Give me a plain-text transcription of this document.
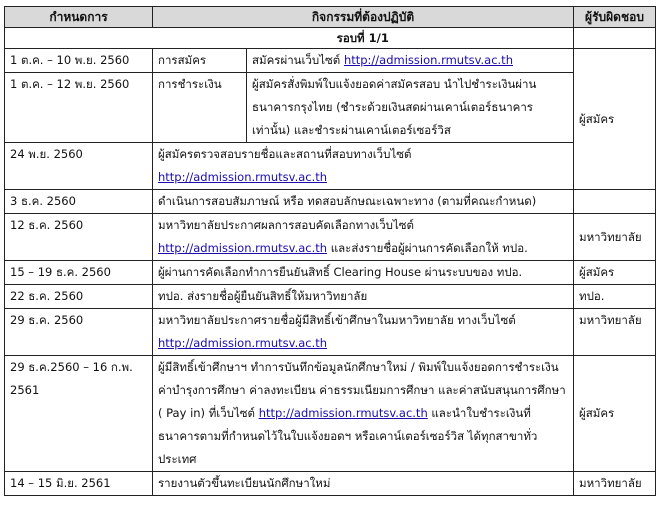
กำหนดการ	กิจกรรมที่ต้องปฏิบัติ		ผู้รับผิดชอบ
	รอบที่ 1/1		
1 ต.ค. – 10 พ.ย. 2560	การสมัคร	สมัครผ่านเว็บไซต์ http://admission.rmutsv.ac.th	ผู้สมัคร
1 ต.ค. – 12 พ.ย. 2560	การชำระเงิน	ผู้สมัครสั่งพิมพ์ใบแจ้งยอดค่าสมัครสอบ นำไปชำระเงินผ่านธนาคารกรุงไทย (ชำระด้วยเงินสดผ่านเคาน์เตอร์ธนาคารเท่านั้น) และชำระผ่านเคาน์เตอร์เซอร์วิส	
24 พ.ย. 2560	ผู้สมัครตรวจสอบรายชื่อและสถานที่สอบทางเว็บไซต์
http://admission.rmutsv.ac.th		
3 ธ.ค. 2560	ดำเนินการสอบสัมภาษณ์ หรือ ทดสอบลักษณะเฉพาะทาง (ตามที่คณะกำหนด)		
12 ธ.ค. 2560	มหาวิทยาลัยประกาศผลการสอบคัดเลือกทางเว็บไซต์
http://admission.rmutsv.ac.th และส่งรายชื่อผู้ผ่านการคัดเลือกให้ ทปอ.		มหาวิทยาลัย
15 – 19 ธ.ค. 2560	ผู้ผ่านการคัดเลือกทำการยืนยันสิทธิ์ Clearing House ผ่านระบบของ ทปอ.		ผู้สมัคร
22 ธ.ค. 2560	ทปอ. ส่งรายชื่อผู้ยืนยันสิทธิ์ให้มหาวิทยาลัย		ทปอ.
29 ธ.ค. 2560	มหาวิทยาลัยประกาศรายชื่อผู้มีสิทธิ์เข้าศึกษาในมหาวิทยาลัย ทางเว็บไซต์
http://admission.rmutsv.ac.th		มหาวิทยาลัย
29 ธ.ค.2560 – 16 ก.พ. 2561	ผู้มีสิทธิ์เข้าศึกษาฯ ทำการบันทึกข้อมูลนักศึกษาใหม่ / พิมพ์ใบแจ้งยอดการชำระเงินค่าบำรุงการศึกษา ค่าลงทะเบียน ค่าธรรมเนียมการศึกษา และค่าสนับสนุนการศึกษา ( Pay in) ที่เว็บไซต์ http://admission.rmutsv.ac.th และนำใบชำระเงินที่ธนาคารตามที่กำหนดไว้ในใบแจ้งยอดฯ หรือเคาน์เตอร์เซอร์วิส ได้ทุกสาขาทั่วประเทศ		ผู้สมัคร
14 – 15 มิ.ย. 2561	รายงานตัวขึ้นทะเบียนนักศึกษาใหม่		มหาวิทยาลัย
